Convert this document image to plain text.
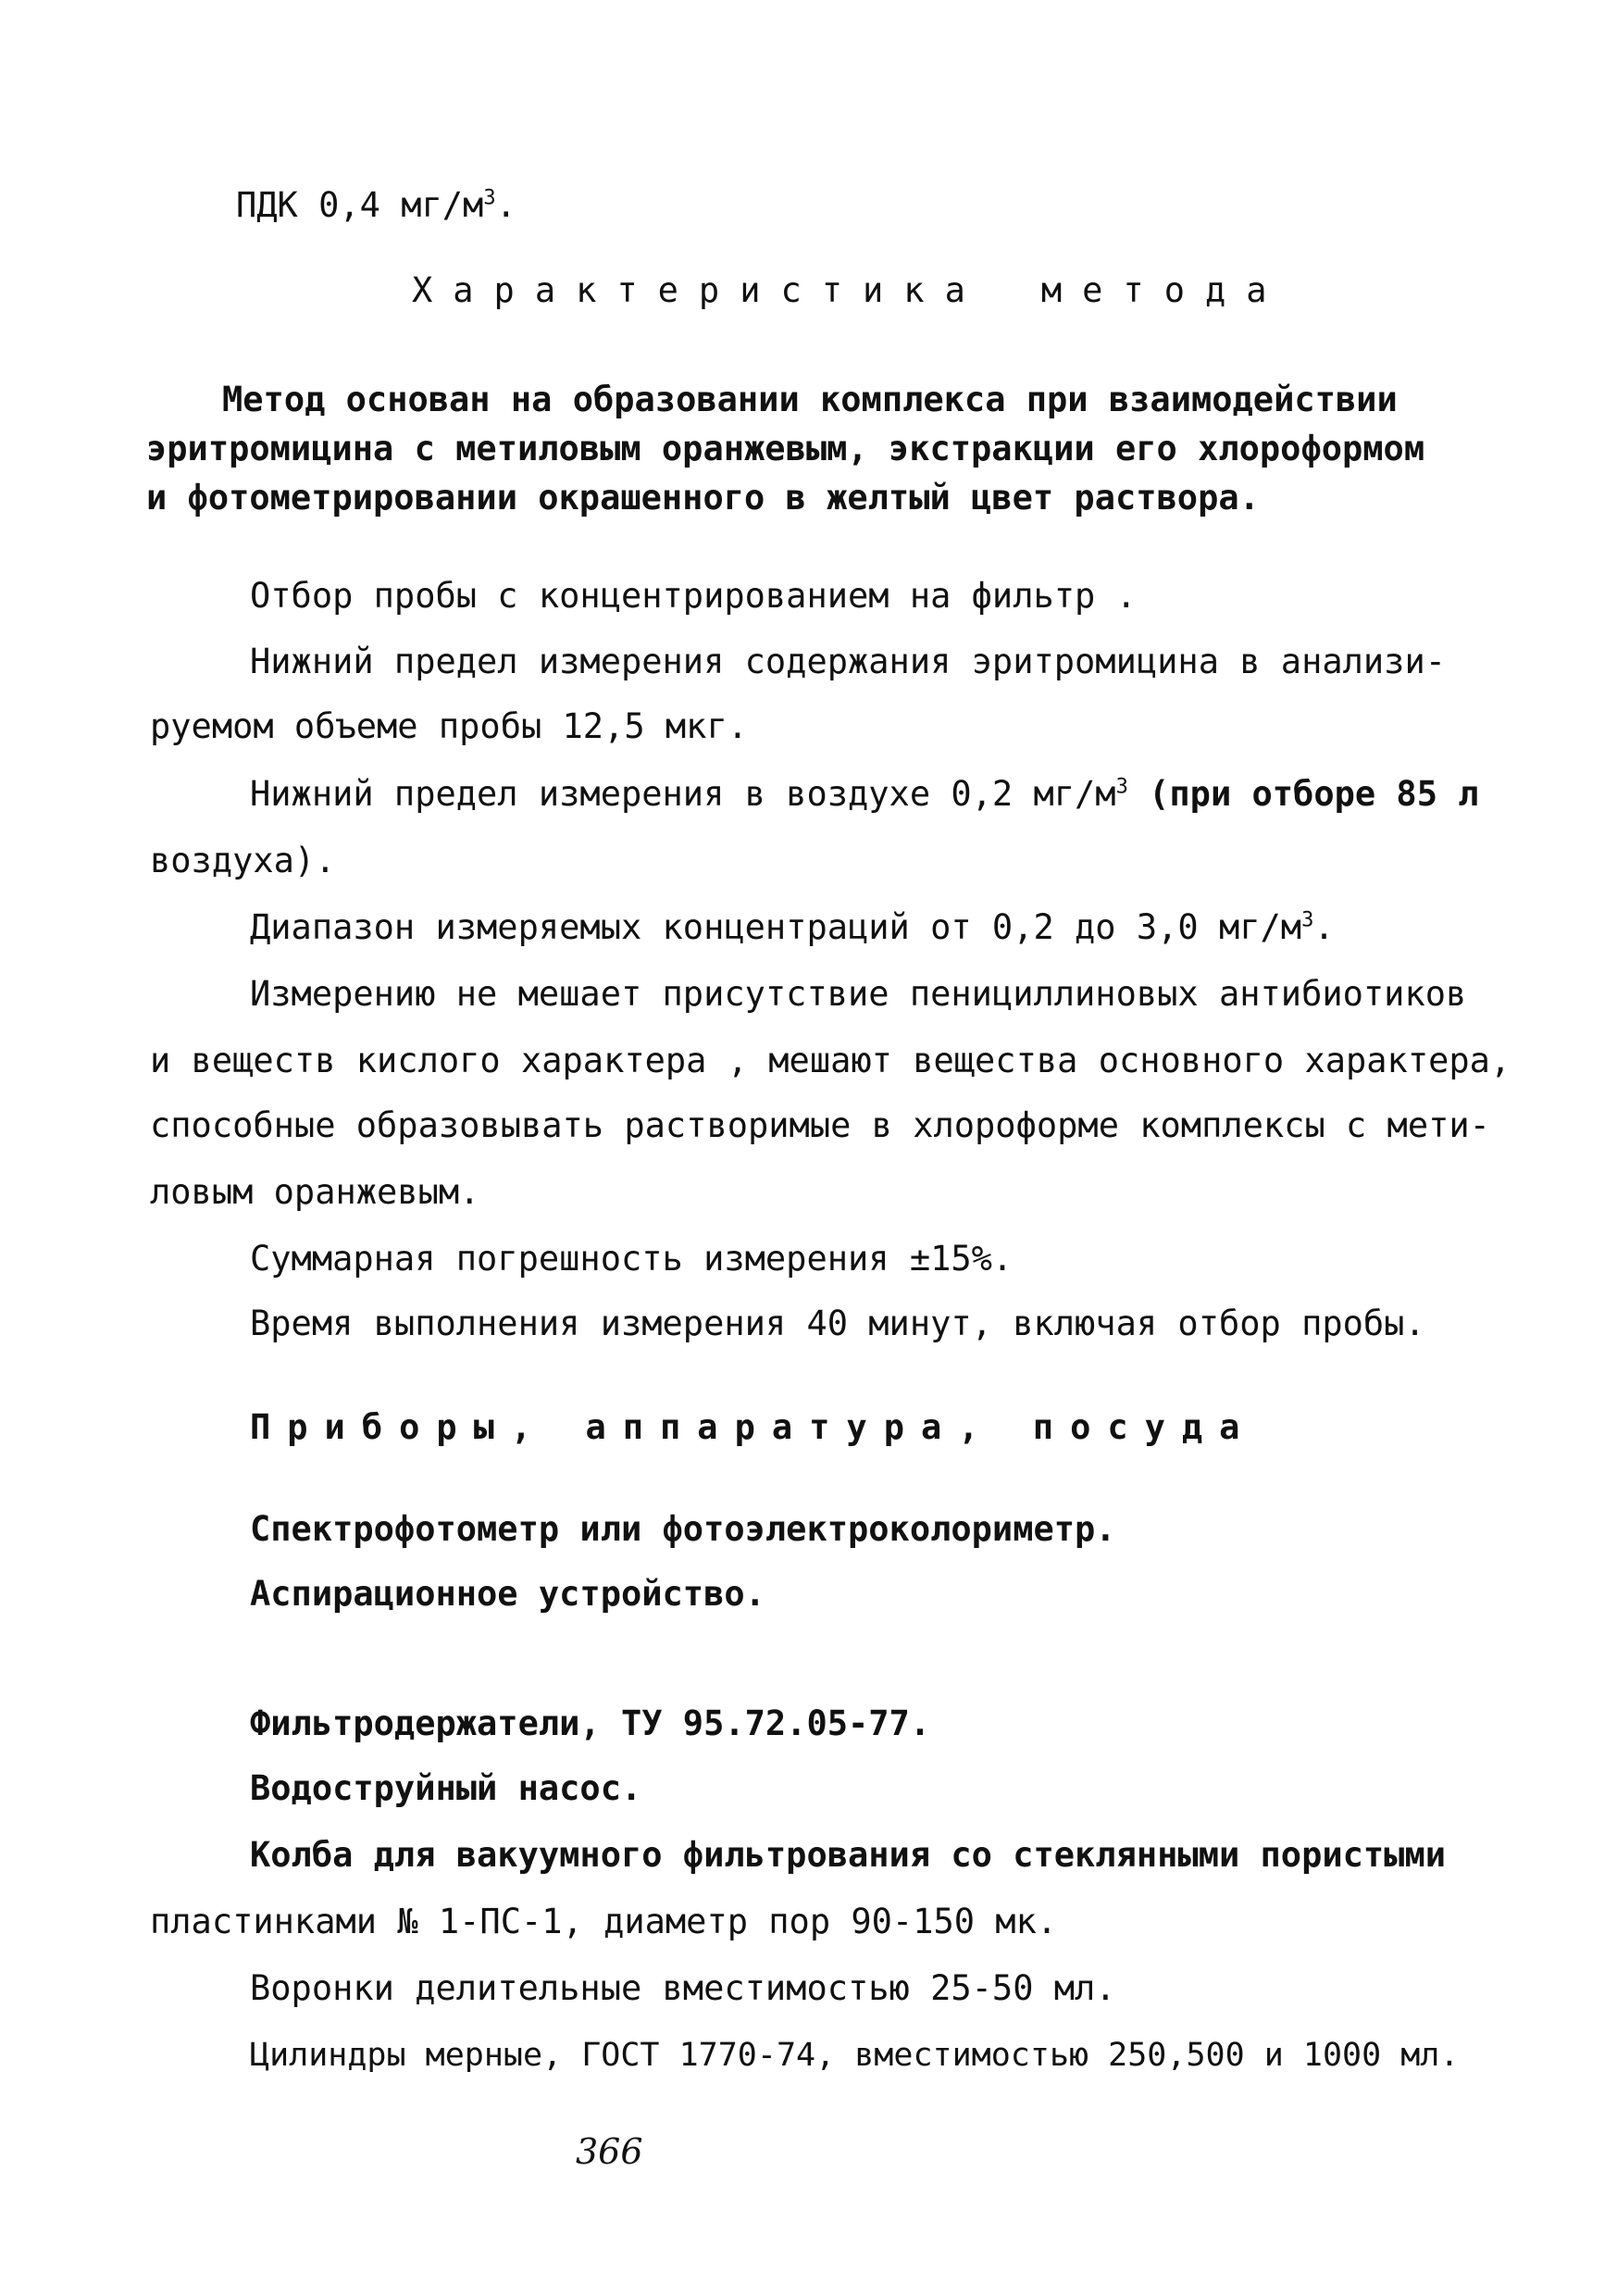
ПДК 0,4 $мг/м^3$.
Характеристика метода
Метод основан на образовании комплекса при взаимодействии
эритромицина с метиловым оранжевым, экстракции его хлороформом
и фотометрировании окрашенного в желтый цвет раствора.
Отбор пробы с концентрированием на фильтр .
Нижний предел измерения содержания эритромицина в анализи-
руемом объеме пробы 12,5 мкг.
Нижний предел измерения в воздухе 0,2 $мг/м^3$ (при отборе 85 л
воздуха).
Диапазон измеряемых концентраций от 0,2 до 3,0 $мг/м^3$.
Измерению не мешает присутствие пенициллиновых антибиотиков
и веществ кислого характера , мешают вещества основного характера,
способные образовывать растворимые в хлороформе комплексы с мети-
ловым оранжевым.
Суммарная погрешность измерения ±15%.
Время выполнения измерения 40 минут, включая отбор пробы.
Приборы, аппаратура, посуда
Спектрофотометр или фотоэлектроколориметр.
Аспирационное устройство.
Фильтродержатели, ТУ 95.72.05-77.
Водоструйный насос.
Колба для вакуумного фильтрования со стеклянными пористыми
пластинками № 1-ПС-1, диаметр пор 90-150 мк.
Воронки делительные вместимостью 25-50 мл.
Цилиндры мерные, ГОСТ 1770-74, вместимостью 250,500 и 1000 мл.
366
